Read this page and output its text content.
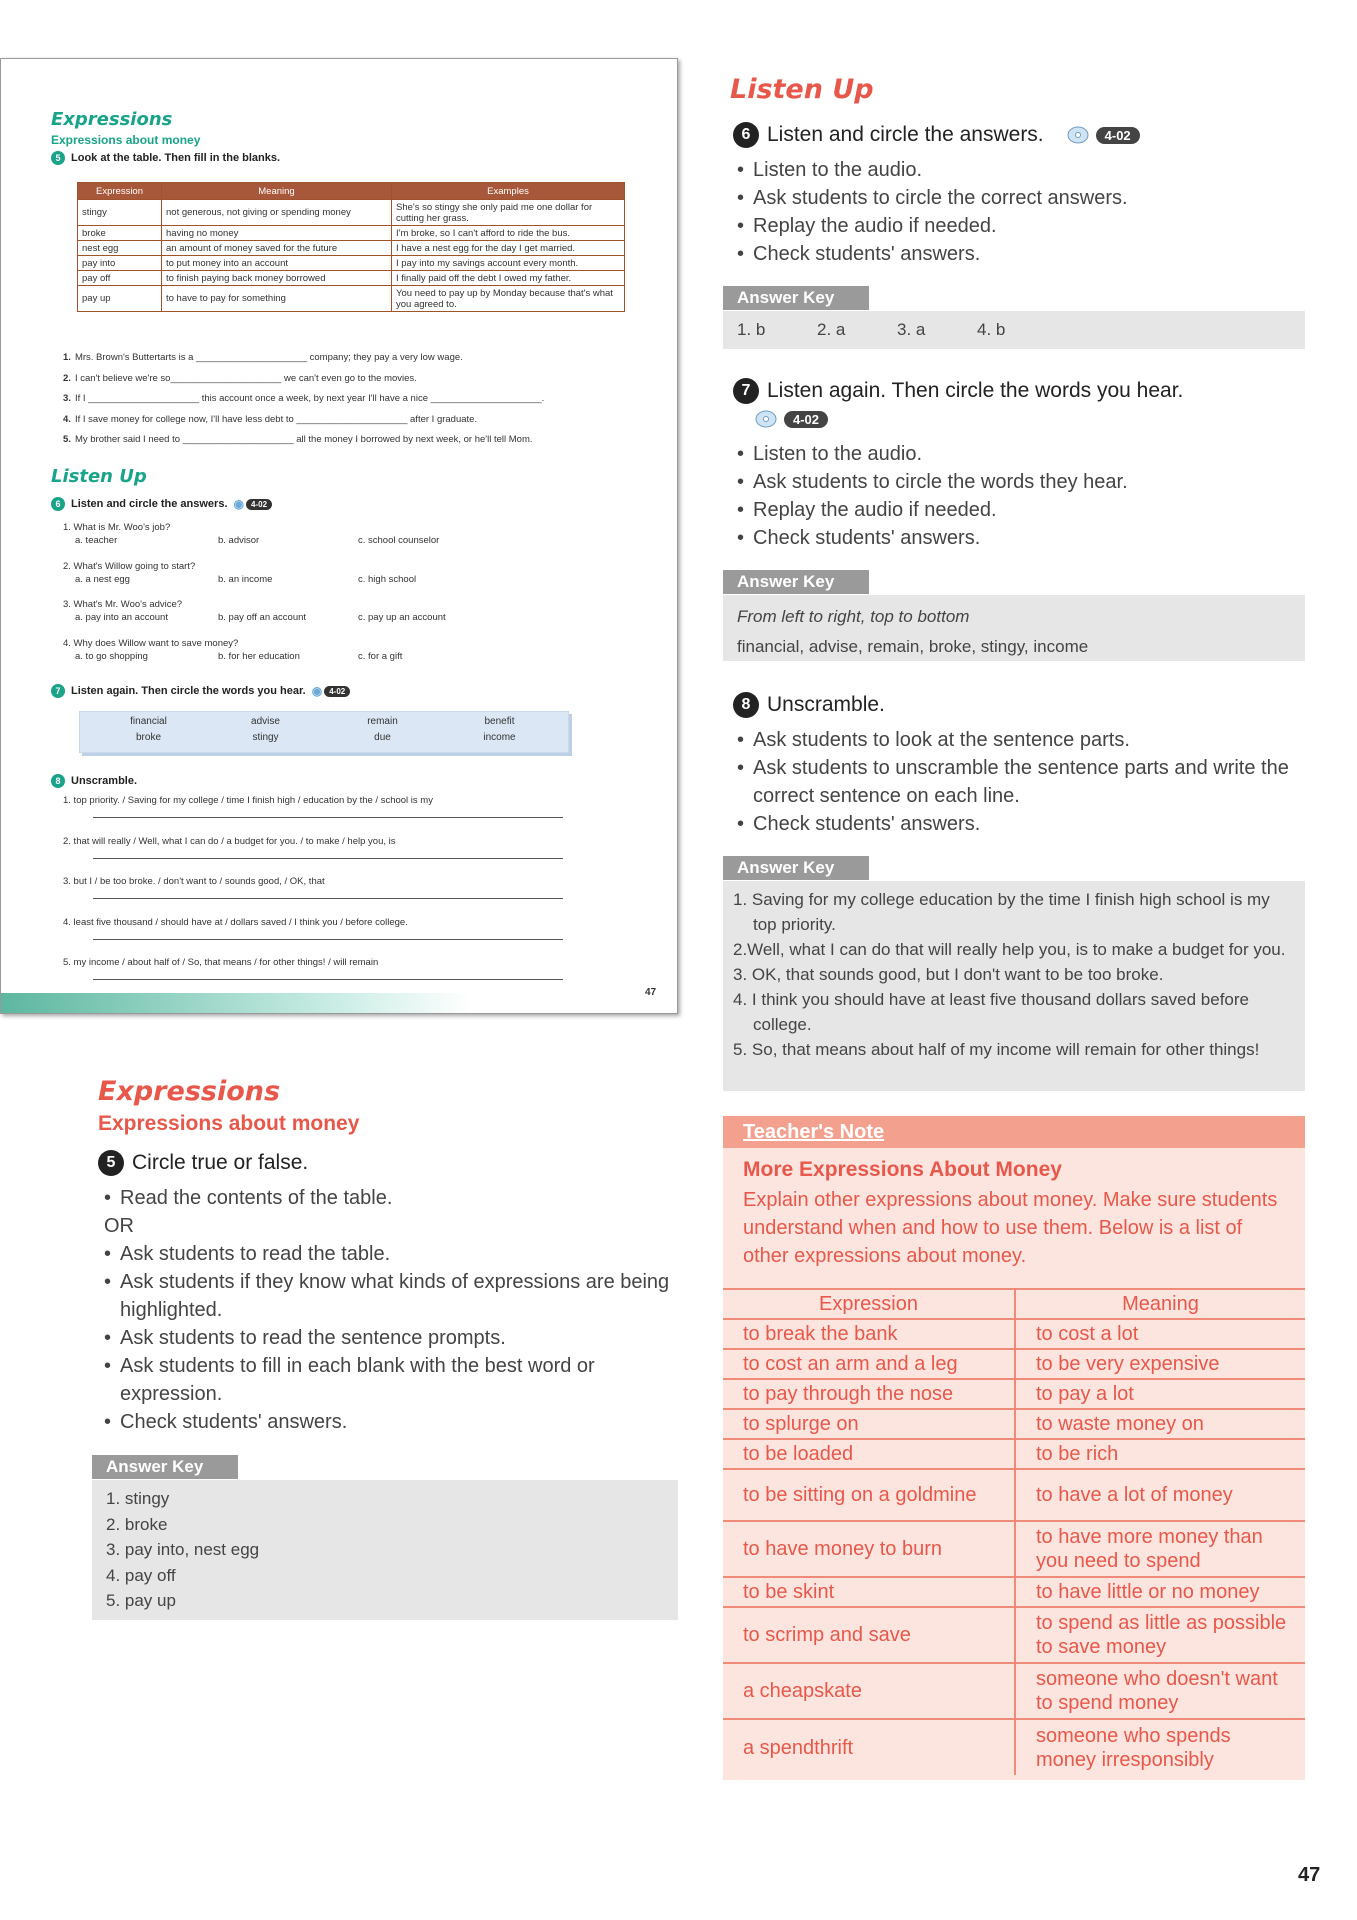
Expressions
Expressions about money
5 Look at the table. Then fill in the blanks.
Expression	Meaning	Examples
stingy	not generous, not giving or spending money	She's so stingy she only paid me one dollar for cutting her grass.
broke	having no money	I'm broke, so I can't afford to ride the bus.
nest egg	an amount of money saved for the future	I have a nest egg for the day I get married.
pay into	to put money into an account	I pay into my savings account every month.
pay off	to finish paying back money borrowed	I finally paid off the debt I owed my father.
pay up	to have to pay for something	You need to pay up by Monday because that's what you agreed to.
1. Mrs. Brown's Buttertarts is a _____________________ company; they pay a very low wage.
2. I can't believe we're so_____________________ we can't even go to the movies.
3. If I _____________________ this account once a week, by next year I'll have a nice _____________________.
4. If I save money for college now, I'll have less debt to _____________________ after I graduate.
5. My brother said I need to _____________________ all the money I borrowed by next week, or he'll tell Mom.
Listen Up
6 Listen and circle the answers. ◉ 4-02
1. What is Mr. Woo's job?
a. teacher	b. advisor	c. school counselor
2. What's Willow going to start?
a. a nest egg	b. an income	c. high school
3. What's Mr. Woo's advice?
a. pay into an account	b. pay off an account	c. pay up an account
4. Why does Willow want to save money?
a. to go shopping	b. for her education	c. for a gift
7 Listen again. Then circle the words you hear. ◉ 4-02
financial	advise	remain	benefit
broke	stingy	due	income
8 Unscramble.
1. top priority. / Saving for my college / time I finish high / education by the / school is my
2. that will really / Well, what I can do / a budget for you. / to make / help you, is
3. but I / be too broke. / don't want to / sounds good, / OK, that
4. least five thousand / should have at / dollars saved / I think you / before college.
5. my income / about half of / So, that means / for other things! / will remain
47
Expressions
Expressions about money
5 Circle true or false.
• Read the contents of the table.
OR
• Ask students to read the table.
• Ask students if they know what kinds of expressions are being highlighted.
• Ask students to read the sentence prompts.
• Ask students to fill in each blank with the best word or expression.
• Check students' answers.
Answer Key
1. stingy
2. broke
3. pay into, nest egg
4. pay off
5. pay up
Listen Up
6 Listen and circle the answers.	4-02
• Listen to the audio.
• Ask students to circle the correct answers.
• Replay the audio if needed.
• Check students' answers.
Answer Key
1. b	2. a	3. a	4. b
7 Listen again. Then circle the words you hear.
4-02
• Listen to the audio.
• Ask students to circle the words they hear.
• Replay the audio if needed.
• Check students' answers.
Answer Key
From left to right, top to bottom
financial, advise, remain, broke, stingy, income
8 Unscramble.
• Ask students to look at the sentence parts.
• Ask students to unscramble the sentence parts and write the correct sentence on each line.
• Check students' answers.
Answer Key
1. Saving for my college education by the time I finish high school is my top priority.
2.Well, what I can do that will really help you, is to make a budget for you.
3. OK, that sounds good, but I don't want to be too broke.
4. I think you should have at least five thousand dollars saved before college.
5. So, that means about half of my income will remain for other things!
Teacher's Note
More Expressions About Money
Explain other expressions about money. Make sure students understand when and how to use them. Below is a list of other expressions about money.
Expression	Meaning
to break the bank	to cost a lot
to cost an arm and a leg	to be very expensive
to pay through the nose	to pay a lot
to splurge on	to waste money on
to be loaded	to be rich
to be sitting on a goldmine	to have a lot of money
to have money to burn	to have more money than you need to spend
to be skint	to have little or no money
to scrimp and save	to spend as little as possible to save money
a cheapskate	someone who doesn't want to spend money
a spendthrift	someone who spends money irresponsibly
47
